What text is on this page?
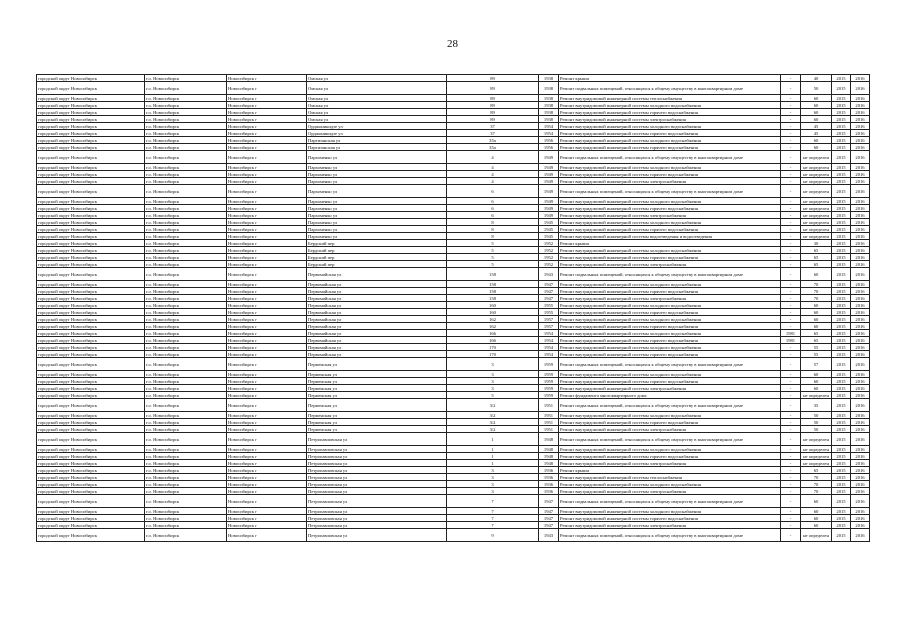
28
городской округ Новосибирск	г.о. Новосибирск	Новосибирск г	Омская ул	89	1938	Ремонт крыши	-	40	2015	2016
городской округ Новосибирск	г.о. Новосибирск	Новосибирск г	Омская ул	89	1938	Ремонт подвальных помещений, относящихся к общему имуществу в многоквартирном доме	-	50	2015	2016
городской округ Новосибирск	г.о. Новосибирск	Новосибирск г	Омская ул	89	1938	Ремонт внутридомовой инженерной системы теплоснабжения	-	60	2015	2016
городской округ Новосибирск	г.о. Новосибирск	Новосибирск г	Омская ул	89	1938	Ремонт внутридомовой инженерной системы холодного водоснабжения	-	60	2015	2016
городской округ Новосибирск	г.о. Новосибирск	Новосибирск г	Омская ул	89	1938	Ремонт внутридомовой инженерной системы горячего водоснабжения	-	60	2015	2016
городской округ Новосибирск	г.о. Новосибирск	Новосибирск г	Омская ул	89	1938	Ремонт внутридомовой инженерной системы электроснабжения	-	60	2015	2016
городской округ Новосибирск	г.о. Новосибирск	Новосибирск г	Орджоникидзе ул	37	1954	Ремонт внутридомовой инженерной системы холодного водоснабжения	-	45	2015	2016
городской округ Новосибирск	г.о. Новосибирск	Новосибирск г	Орджоникидзе ул	37	1954	Ремонт внутридомовой инженерной системы горячего водоснабжения	-	45	2015	2016
городской округ Новосибирск	г.о. Новосибирск	Новосибирск г	Партизанская ул	35а	1956	Ремонт внутридомовой инженерной системы холодного водоснабжения	-	60	2015	2016
городской округ Новосибирск	г.о. Новосибирск	Новосибирск г	Партизанская ул	35а	1956	Ремонт внутридомовой инженерной системы горячего водоснабжения	-	60	2015	2016
городской округ Новосибирск	г.о. Новосибирск	Новосибирск г	Пархоменко ул	4	1949	Ремонт подвальных помещений, относящихся к общему имуществу в многоквартирном доме	-	не определен	2015	2016
городской округ Новосибирск	г.о. Новосибирск	Новосибирск г	Пархоменко ул	4	1949	Ремонт внутридомовой инженерной системы холодного водоснабжения	-	не определен	2015	2016
городской округ Новосибирск	г.о. Новосибирск	Новосибирск г	Пархоменко ул	4	1949	Ремонт внутридомовой инженерной системы горячего водоснабжения	-	не определен	2015	2016
городской округ Новосибирск	г.о. Новосибирск	Новосибирск г	Пархоменко ул	4	1949	Ремонт внутридомовой инженерной системы электроснабжения	-	не определен	2015	2016
городской округ Новосибирск	г.о. Новосибирск	Новосибирск г	Пархоменко ул	6	1949	Ремонт подвальных помещений, относящихся к общему имуществу в многоквартирном доме	-	не определен	2015	2016
городской округ Новосибирск	г.о. Новосибирск	Новосибирск г	Пархоменко ул	6	1949	Ремонт внутридомовой инженерной системы холодного водоснабжения	-	не определен	2015	2016
городской округ Новосибирск	г.о. Новосибирск	Новосибирск г	Пархоменко ул	6	1949	Ремонт внутридомовой инженерной системы горячего водоснабжения	-	не определен	2015	2016
городской округ Новосибирск	г.о. Новосибирск	Новосибирск г	Пархоменко ул	6	1949	Ремонт внутридомовой инженерной системы электроснабжения	-	не определен	2015	2016
городской округ Новосибирск	г.о. Новосибирск	Новосибирск г	Пархоменко ул	8	1945	Ремонт внутридомовой инженерной системы холодного водоснабжения	-	не определен	2015	2016
городской округ Новосибирск	г.о. Новосибирск	Новосибирск г	Пархоменко ул	8	1945	Ремонт внутридомовой инженерной системы горячего водоснабжения	-	не определен	2015	2016
городской округ Новосибирск	г.о. Новосибирск	Новосибирск г	Пархоменко ул	8	1945	Ремонт внутридомовой инженерной системы водоотведения и водоотведения	-	не определен	2015	2016
городской округ Новосибирск	г.о. Новосибирск	Новосибирск г	Бердский пер	5	1952	Ремонт крыши	-	30	2015	2016
городской округ Новосибирск	г.о. Новосибирск	Новосибирск г	Бердский пер	5	1952	Ремонт внутридомовой инженерной системы холодного водоснабжения	-	65	2015	2016
городской округ Новосибирск	г.о. Новосибирск	Новосибирск г	Бердский пер	5	1952	Ремонт внутридомовой инженерной системы горячего водоснабжения	-	65	2015	2016
городской округ Новосибирск	г.о. Новосибирск	Новосибирск г	Бердский пер	5	1952	Ремонт внутридомовой инженерной системы электроснабжения	-	65	2015	2016
городской округ Новосибирск	г.о. Новосибирск	Новосибирск г	Первомайская ул	158	1943	Ремонт подвальных помещений, относящихся к общему имуществу в многоквартирном доме	-	60	2015	2016
городской округ Новосибирск	г.о. Новосибирск	Новосибирск г	Первомайская ул	158	1947	Ремонт внутридомовой инженерной системы холодного водоснабжения	-	70	2015	2016
городской округ Новосибирск	г.о. Новосибирск	Новосибирск г	Первомайская ул	158	1947	Ремонт внутридомовой инженерной системы горячего водоснабжения	-	70	2015	2016
городской округ Новосибирск	г.о. Новосибирск	Новосибирск г	Первомайская ул	158	1947	Ремонт внутридомовой инженерной системы электроснабжения	-	70	2015	2016
городской округ Новосибирск	г.о. Новосибирск	Новосибирск г	Первомайская ул	160	1955	Ремонт внутридомовой инженерной системы холодного водоснабжения	-	60	2015	2016
городской округ Новосибирск	г.о. Новосибирск	Новосибирск г	Первомайская ул	160	1955	Ремонт внутридомовой инженерной системы горячего водоснабжения	-	60	2015	2016
городской округ Новосибирск	г.о. Новосибирск	Новосибирск г	Первомайская ул	162	1957	Ремонт внутридомовой инженерной системы холодного водоснабжения	-	60	2015	2016
городской округ Новосибирск	г.о. Новосибирск	Новосибирск г	Первомайская ул	162	1957	Ремонт внутридомовой инженерной системы горячего водоснабжения	-	60	2015	2016
городской округ Новосибирск	г.о. Новосибирск	Новосибирск г	Первомайская ул	166	1954	Ремонт внутридомовой инженерной системы холодного водоснабжения	1981	65	2015	2016
городской округ Новосибирск	г.о. Новосибирск	Новосибирск г	Первомайская ул	166	1954	Ремонт внутридомовой инженерной системы горячего водоснабжения	1981	65	2015	2016
городской округ Новосибирск	г.о. Новосибирск	Новосибирск г	Первомайская ул	170	1954	Ремонт внутридомовой инженерной системы холодного водоснабжения	-	55	2015	2016
городской округ Новосибирск	г.о. Новосибирск	Новосибирск г	Первомайская ул	170	1954	Ремонт внутридомовой инженерной системы горячего водоснабжения	-	55	2015	2016
городской округ Новосибирск	г.о. Новосибирск	Новосибирск г	Перменская ул	3	1959	Ремонт подвальных помещений, относящихся к общему имуществу в многоквартирном доме	-	57	2015	2016
городской округ Новосибирск	г.о. Новосибирск	Новосибирск г	Перменская ул	3	1959	Ремонт внутридомовой инженерной системы холодного водоснабжения	-	60	2015	2016
городской округ Новосибирск	г.о. Новосибирск	Новосибирск г	Перменская ул	3	1959	Ремонт внутридомовой инженерной системы горячего водоснабжения	-	60	2015	2016
городской округ Новосибирск	г.о. Новосибирск	Новосибирск г	Перменская ул	3	1959	Ремонт внутридомовой инженерной системы электроснабжения	-	60	2015	2016
городской округ Новосибирск	г.о. Новосибирск	Новосибирск г	Перменская ул	5	1959	Ремонт фундамента многоквартирного дома	-	не определен	2015	2016
городской округ Новосибирск	г.о. Новосибирск	Новосибирск г	Перменская ул	3/2	1951	Ремонт подвальных помещений, относящихся к общему имуществу в многоквартирном доме	-	35	2015	2016
городской округ Новосибирск	г.о. Новосибирск	Новосибирск г	Перменская ул	3/2	1951	Ремонт внутридомовой инженерной системы холодного водоснабжения	-	50	2015	2016
городской округ Новосибирск	г.о. Новосибирск	Новосибирск г	Перменская ул	3/2	1951	Ремонт внутридомовой инженерной системы горячего водоснабжения	-	50	2015	2016
городской округ Новосибирск	г.о. Новосибирск	Новосибирск г	Перменская ул	3/2	1951	Ремонт внутридомовой инженерной системы электроснабжения	-	50	2015	2016
городской округ Новосибирск	г.о. Новосибирск	Новосибирск г	Петропавловская ул	1	1948	Ремонт подвальных помещений, относящихся к общему имуществу в многоквартирном доме	-	не определен	2015	2016
городской округ Новосибирск	г.о. Новосибирск	Новосибирск г	Петропавловская ул	1	1948	Ремонт внутридомовой инженерной системы холодного водоснабжения	-	не определен	2015	2016
городской округ Новосибирск	г.о. Новосибирск	Новосибирск г	Петропавловская ул	1	1948	Ремонт внутридомовой инженерной системы горячего водоснабжения	-	не определен	2015	2016
городской округ Новосибирск	г.о. Новосибирск	Новосибирск г	Петропавловская ул	1	1948	Ремонт внутридомовой инженерной системы электроснабжения	-	не определен	2015	2016
городской округ Новосибирск	г.о. Новосибирск	Новосибирск г	Петропавловская ул	3	1936	Ремонт крыши	-	65	2015	2016
городской округ Новосибирск	г.о. Новосибирск	Новосибирск г	Петропавловская ул	3	1936	Ремонт внутридомовой инженерной системы теплоснабжения	-	70	2015	2016
городской округ Новосибирск	г.о. Новосибирск	Новосибирск г	Петропавловская ул	3	1936	Ремонт внутридомовой инженерной системы холодного водоснабжения	-	70	2015	2016
городской округ Новосибирск	г.о. Новосибирск	Новосибирск г	Петропавловская ул	3	1936	Ремонт внутридомовой инженерной системы электроснабжения	-	70	2015	2016
городской округ Новосибирск	г.о. Новосибирск	Новосибирск г	Петропавловская ул	7	1947	Ремонт подвальных помещений, относящихся к общему имуществу в многоквартирном доме	-	60	2015	2016
городской округ Новосибирск	г.о. Новосибирск	Новосибирск г	Петропавловская ул	7	1947	Ремонт внутридомовой инженерной системы холодного водоснабжения	-	60	2015	2016
городской округ Новосибирск	г.о. Новосибирск	Новосибирск г	Петропавловская ул	7	1947	Ремонт внутридомовой инженерной системы горячего водоснабжения	-	60	2015	2016
городской округ Новосибирск	г.о. Новосибирск	Новосибирск г	Петропавловская ул	7	1947	Ремонт внутридомовой инженерной системы электроснабжения	-	60	2015	2016
городской округ Новосибирск	г.о. Новосибирск	Новосибирск г	Петропавловская ул	9	1943	Ремонт подвальных помещений, относящихся к общему имуществу в многоквартирном доме	-	не определен	2015	2016
